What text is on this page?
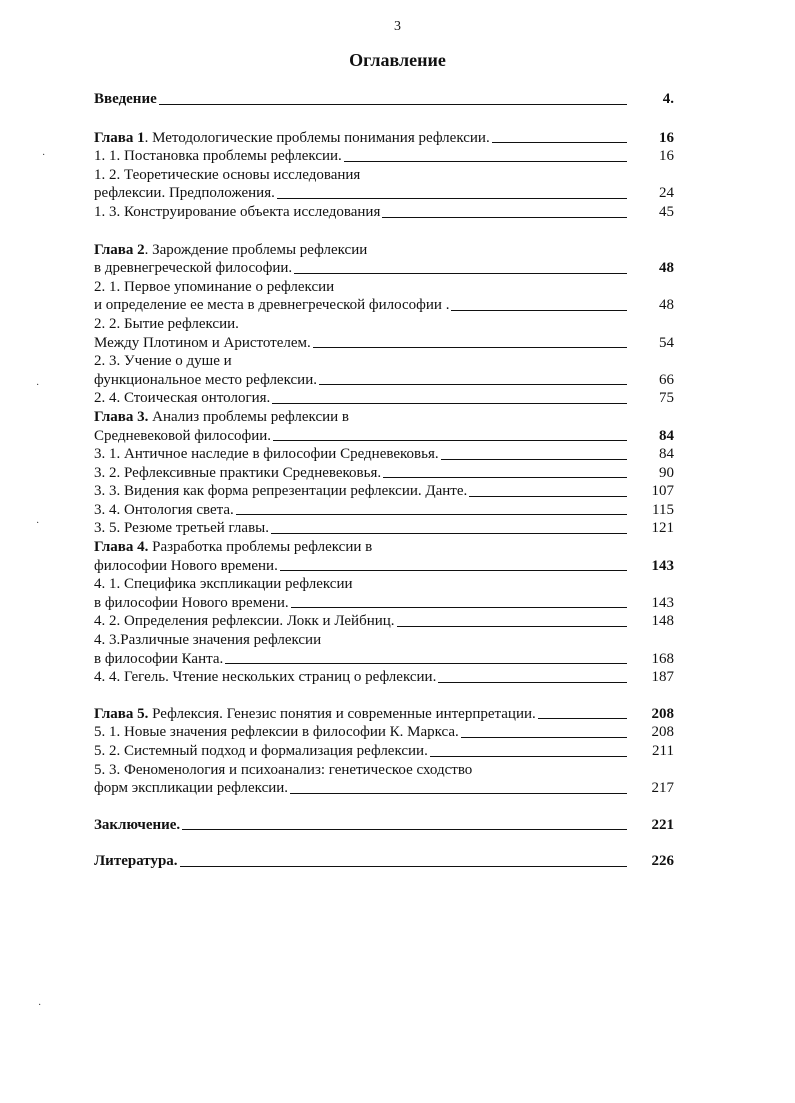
3
Оглавление
Введение	4.
Глава 1. Методологические проблемы понимания рефлексии.	16
1. 1. Постановка проблемы рефлексии.	16
1. 2. Теоретические основы исследования
рефлексии. Предположения.	24
1. 3. Конструирование объекта исследования	45
Глава 2. Зарождение проблемы рефлексии
в древнегреческой философии.	48
2. 1. Первое упоминание о рефлексии
и определение ее места в древнегреческой философии .	48
2. 2. Бытие рефлексии.
Между Плотином и Аристотелем.	54
2. 3. Учение о душе и
функциональное место рефлексии.	66
2. 4. Стоическая онтология.	75
Глава 3. Анализ проблемы рефлексии в
Средневековой философии.	84
3. 1. Античное наследие в философии Средневековья.	84
3. 2. Рефлексивные практики Средневековья.	90
3. 3. Видения как форма репрезентации рефлексии. Данте.	107
3. 4. Онтология света.	115
3. 5. Резюме третьей главы.	121
Глава 4. Разработка проблемы рефлексии в
философии Нового времени.	143
4. 1. Специфика экспликации рефлексии
в философии Нового времени.	143
4. 2. Определения рефлексии. Локк и Лейбниц.	148
4. 3.Различные значения рефлексии
в философии Канта.	168
4. 4. Гегель. Чтение нескольких страниц о рефлексии.	187
Глава 5. Рефлексия. Генезис понятия и современные интерпретации.	208
5. 1. Новые значения рефлексии в философии К. Маркса.	208
5. 2. Системный подход и формализация рефлексии.	211
5. 3. Феноменология и психоанализ: генетическое сходство
форм экспликации рефлексии.	217
Заключение.	221
Литература.	226
·
·
·
·
